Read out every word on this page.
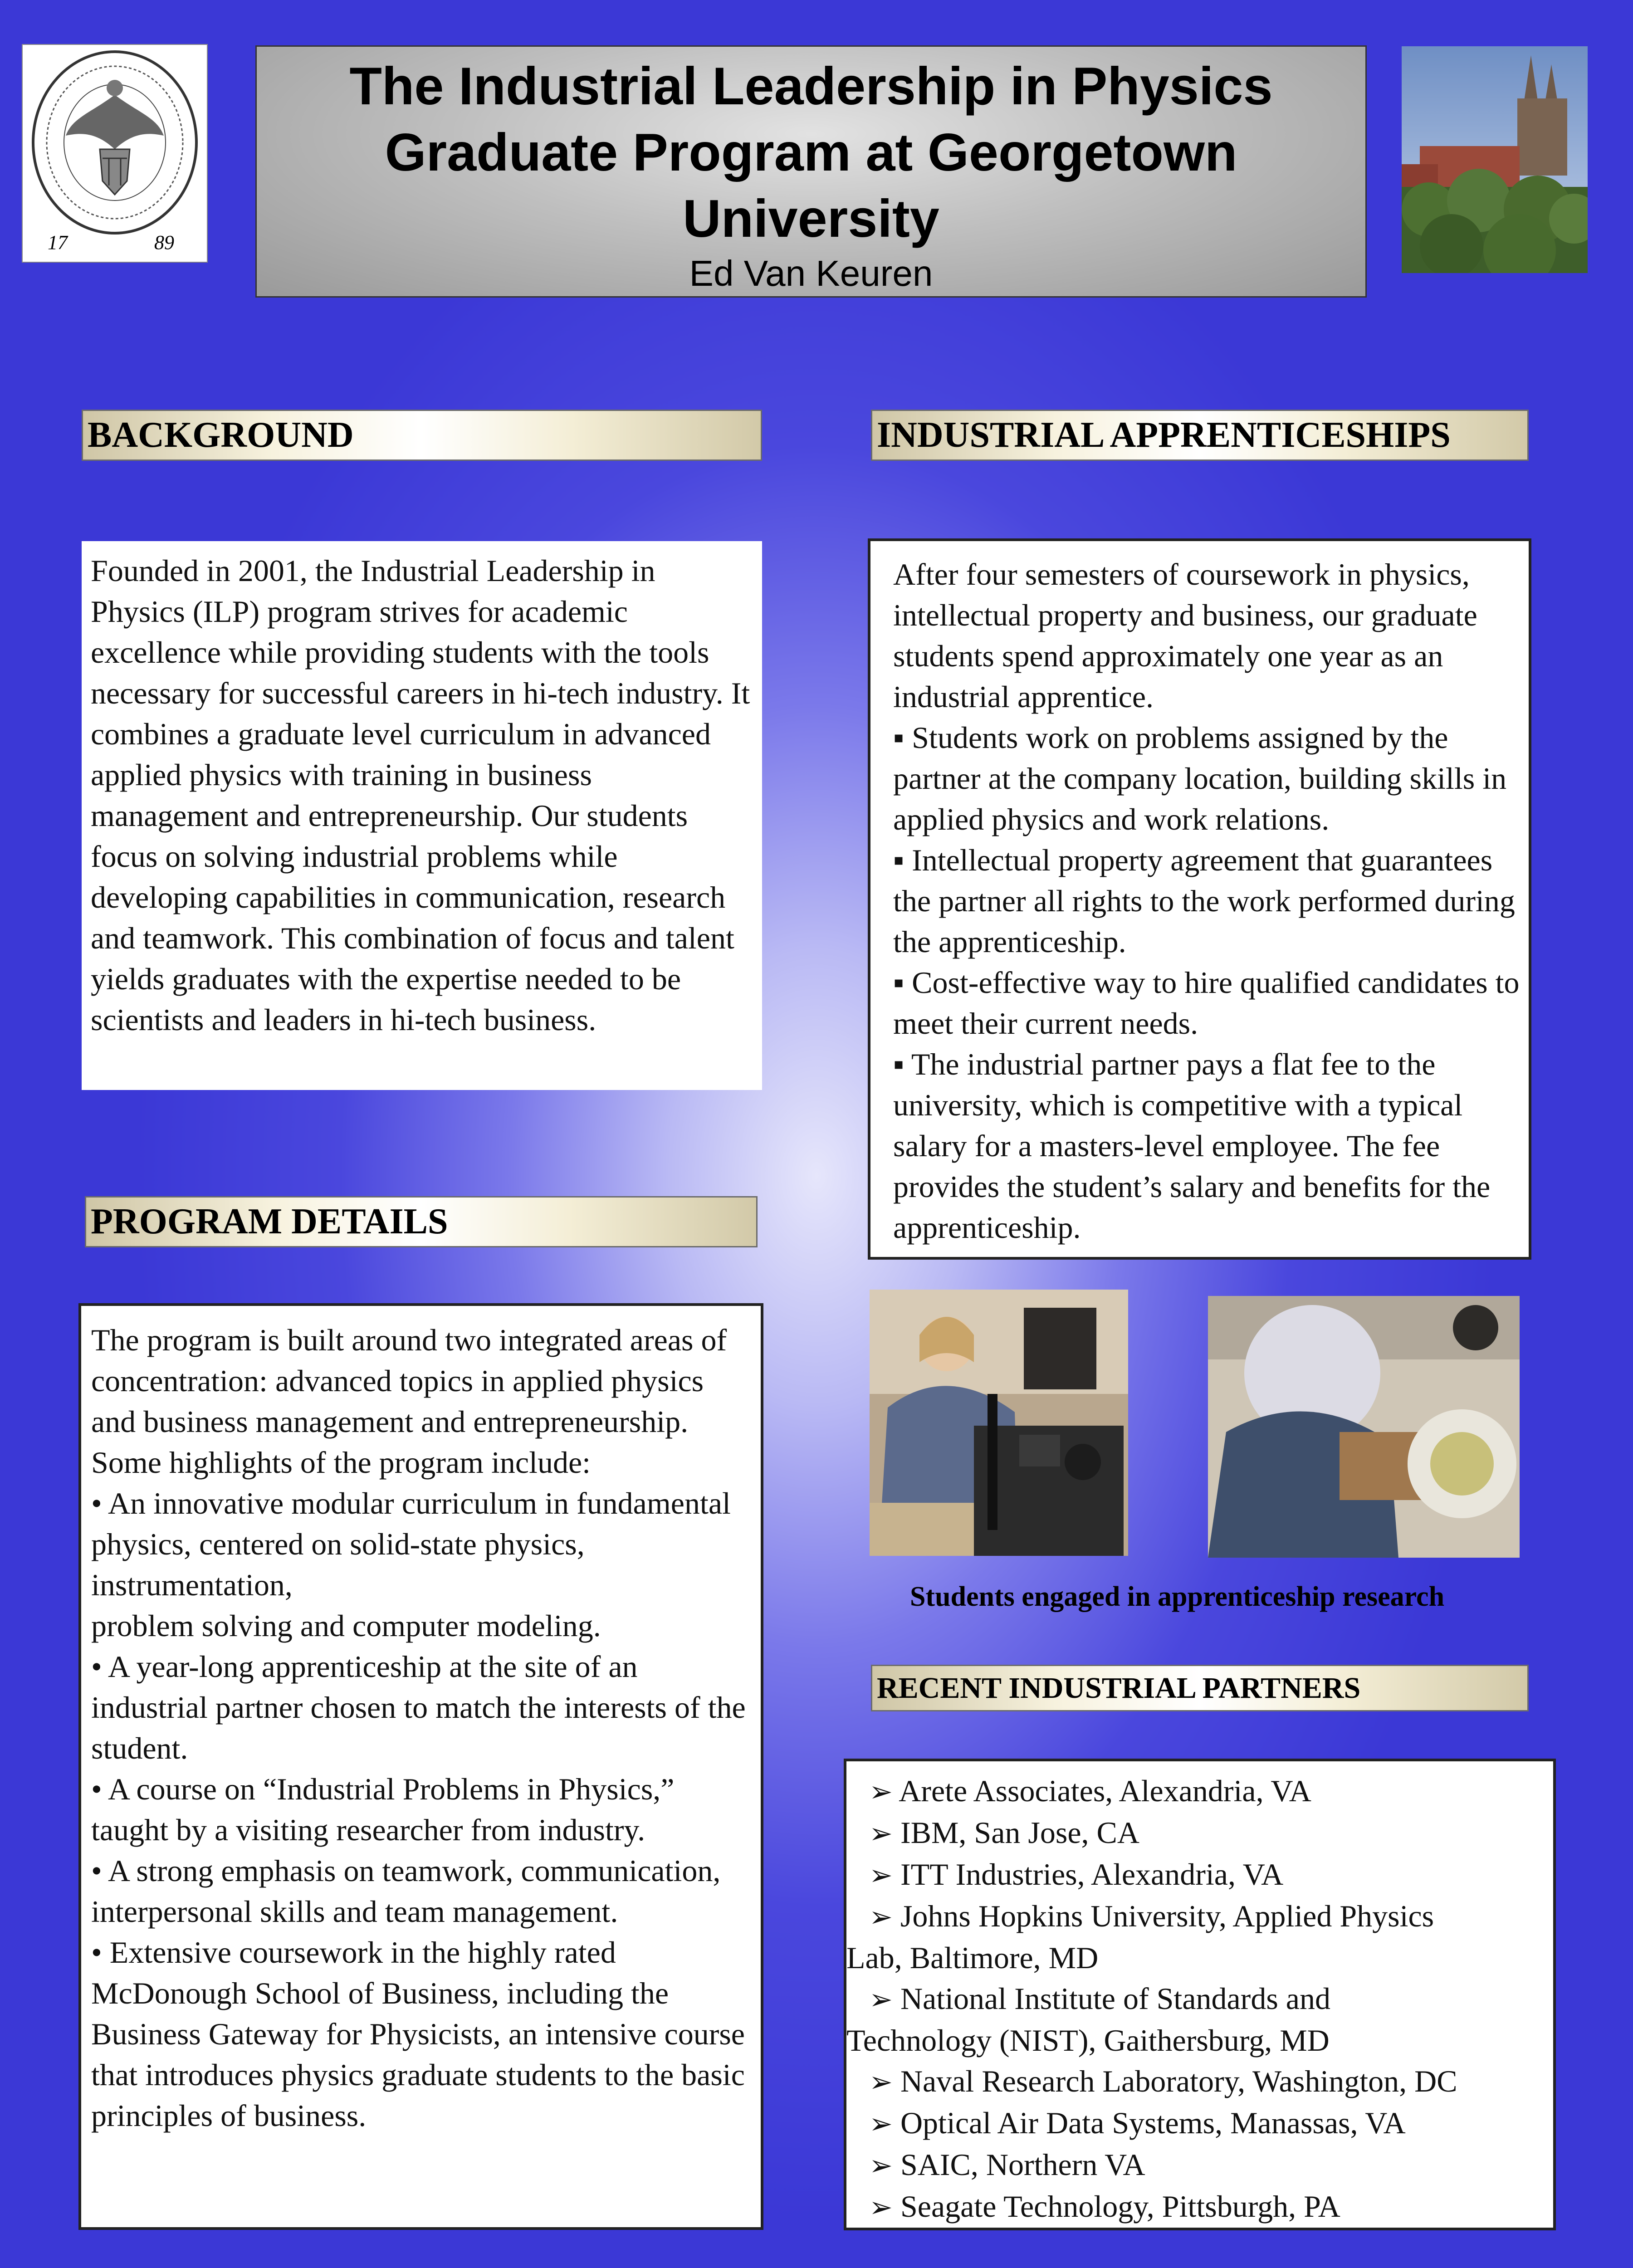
17	89
The Industrial Leadership in Physics Graduate Program at Georgetown University
Ed Van Keuren
BACKGROUND

Founded in 2001, the Industrial Leadership in Physics (ILP) program strives for academic excellence while providing students with the tools necessary for successful careers in hi-tech industry. It combines a graduate level curriculum in advanced applied physics with training in business management and entrepreneurship. Our students focus on solving industrial problems while developing capabilities in communication, research and teamwork. This combination of focus and talent yields graduates with the expertise needed to be scientists and leaders in hi-tech business.

PROGRAM DETAILS

The program is built around two integrated areas of concentration: advanced topics in applied physics and business management and entrepreneurship. Some highlights of the program include:

• An innovative modular curriculum in fundamental physics, centered on solid-state physics, instrumentation,

problem solving and computer modeling.

• A year-long apprenticeship at the site of an industrial partner chosen to match the interests of the student.

• A course on “Industrial Problems in Physics,” taught by a visiting researcher from industry.

• A strong emphasis on teamwork, communication, interpersonal skills and team management.

• Extensive coursework in the highly rated McDonough School of Business, including the Business Gateway for Physicists, an intensive course that introduces physics graduate students to the basic principles of business.

INDUSTRIAL APPRENTICESHIPS

After four semesters of coursework in physics, intellectual property and business, our graduate students spend approximately one year as an industrial apprentice.

▪ Students work on problems assigned by the partner at the company location, building skills in applied physics and work relations.

▪ Intellectual property agreement that guarantees the partner all rights to the work performed during the apprenticeship.

▪ Cost-effective way to hire qualified candidates to meet their current needs.

▪ The industrial partner pays a flat fee to the university, which is competitive with a typical salary for a masters-level employee. The fee provides the student’s salary and benefits for the apprenticeship.

Students engaged in apprenticeship research
RECENT INDUSTRIAL PARTNERS
➢ Arete Associates, Alexandria, VA
➢ IBM, San Jose, CA
➢ ITT Industries, Alexandria, VA
➢ Johns Hopkins University, Applied Physics
Lab, Baltimore, MD
➢ National Institute of Standards and
Technology (NIST), Gaithersburg, MD
➢ Naval Research Laboratory, Washington, DC
➢ Optical Air Data Systems, Manassas, VA
➢ SAIC, Northern VA
➢ Seagate Technology, Pittsburgh, PA
